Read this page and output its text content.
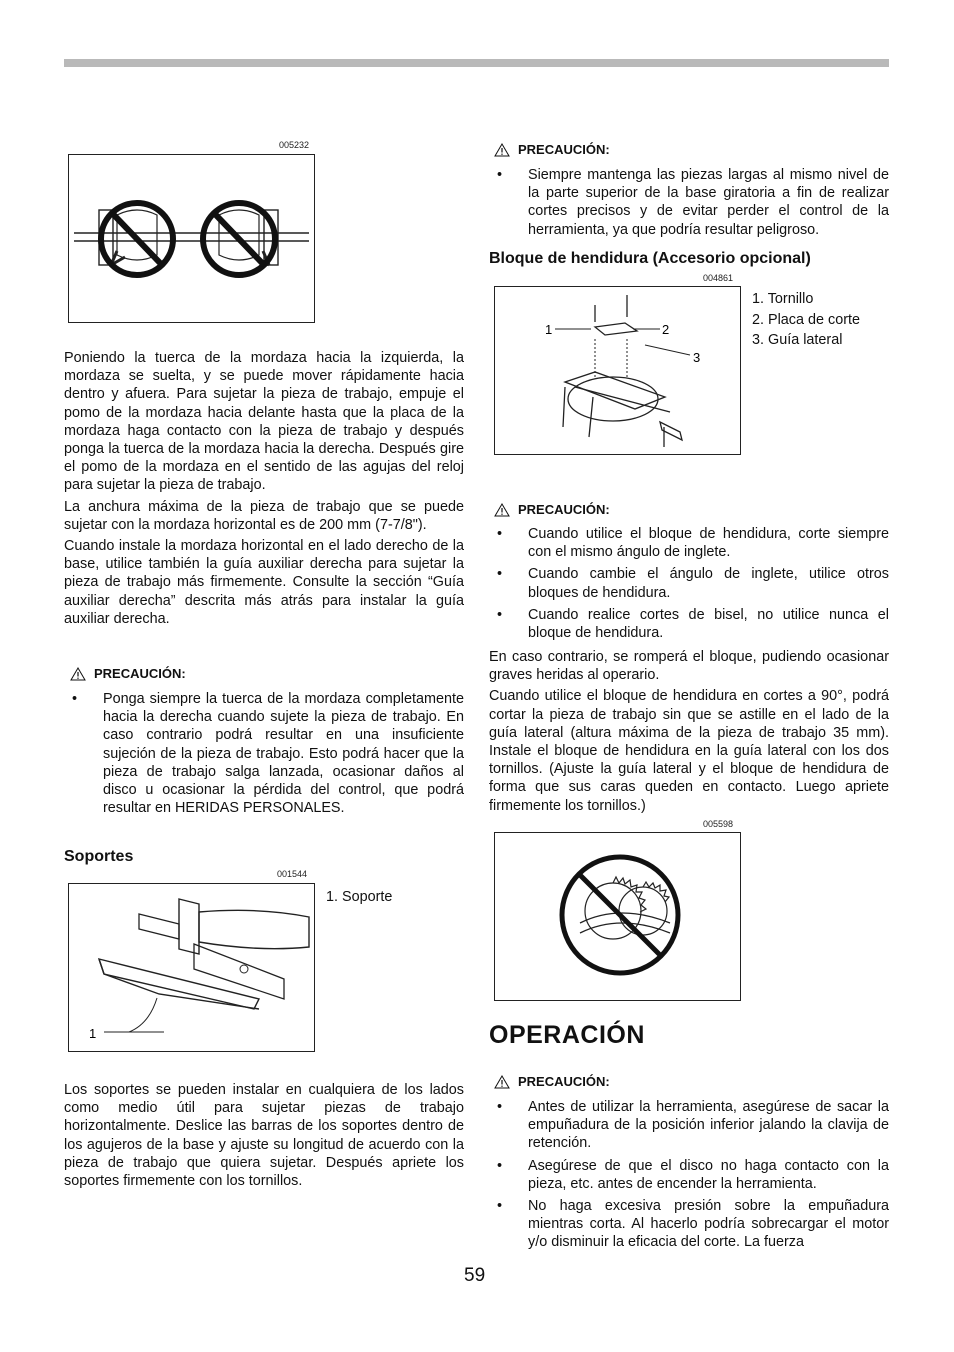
005232

Poniendo la tuerca de la mordaza hacia la izquierda, la mordaza se suelta, y se puede mover rápidamente hacia dentro y afuera. Para sujetar la pieza de trabajo, empuje el pomo de la mordaza hacia delante hasta que la placa de la mordaza haga contacto con la pieza de trabajo y después ponga la tuerca de la mordaza hacia la derecha. Después gire el pomo de la mordaza en el sentido de las agujas del reloj para sujetar la pieza de trabajo.

La anchura máxima de la pieza de trabajo que se puede sujetar con la mordaza horizontal es de 200 mm (7-7/8").

Cuando instale la mordaza horizontal en el lado derecho de la base, utilice también la guía auxiliar derecha para sujetar la pieza de trabajo más firmemente. Consulte la sección “Guía auxiliar derecha” descrita más atrás para instalar la guía auxiliar derecha.

PRECAUCIÓN:
• Ponga siempre la tuerca de la mordaza completamente hacia la derecha cuando sujete la pieza de trabajo. En caso contrario podrá resultar en una insuficiente sujeción de la pieza de trabajo. Esto podrá hacer que la pieza de trabajo salga lanzada, ocasionar daños al disco u ocasionar la pérdida del control, que podrá resultar en HERIDAS PERSONALES.
Soportes
001544
1
1. Soporte

Los soportes se pueden instalar en cualquiera de los lados como medio útil para sujetar piezas de trabajo horizontalmente. Deslice las barras de los soportes dentro de los agujeros de la base y ajuste su longitud de acuerdo con la pieza de trabajo que quiera sujetar. Después apriete los soportes firmemente con los tornillos.

PRECAUCIÓN:
• Siempre mantenga las piezas largas al mismo nivel de la parte superior de la base giratoria a fin de realizar cortes precisos y de evitar perder el control de la herramienta, ya que podría resultar peligroso.
Bloque de hendidura (Accesorio opcional)
004861
1	2
3
1. Tornillo
2. Placa de corte
3. Guía lateral
PRECAUCIÓN:
• Cuando utilice el bloque de hendidura, corte siempre con el mismo ángulo de inglete.
• Cuando cambie el ángulo de inglete, utilice otros bloques de hendidura.
• Cuando realice cortes de bisel, no utilice nunca el bloque de hendidura.

En caso contrario, se romperá el bloque, pudiendo ocasionar graves heridas al operario.

Cuando utilice el bloque de hendidura en cortes a 90°, podrá cortar la pieza de trabajo sin que se astille en el lado de la guía lateral (altura máxima de la pieza de trabajo 35 mm). Instale el bloque de hendidura en la guía lateral con los dos tornillos. (Ajuste la guía lateral y el bloque de hendidura de forma que sus caras queden en contacto. Luego apriete firmemente los tornillos.)

005598
OPERACIÓN
PRECAUCIÓN:
• Antes de utilizar la herramienta, asegúrese de sacar la empuñadura de la posición inferior jalando la clavija de retención.
• Asegúrese de que el disco no haga contacto con la pieza, etc. antes de encender la herramienta.
• No haga excesiva presión sobre la empuñadura mientras corta. Al hacerlo podría sobrecargar el motor y/o disminuir la eficacia del corte. La fuerza
59
